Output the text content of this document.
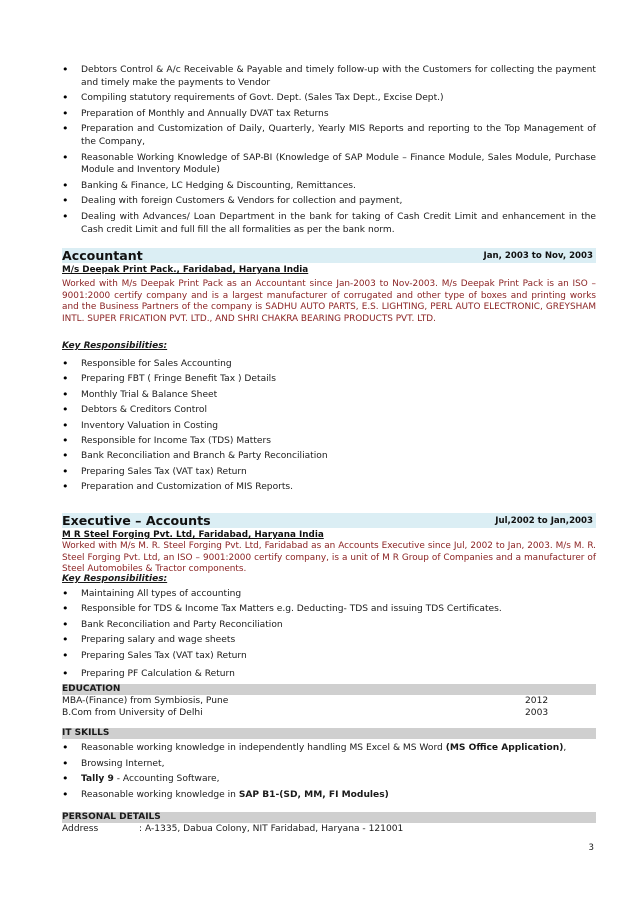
• Debtors Control & A/c Receivable & Payable and timely follow-up with the Customers for collecting the payment and timely make the payments to Vendor
• Compiling statutory requirements of Govt. Dept. (Sales Tax Dept., Excise Dept.)
• Preparation of Monthly and Annually DVAT tax Returns
• Preparation and Customization of Daily, Quarterly, Yearly MIS Reports and reporting to the Top Management of the Company,
• Reasonable Working Knowledge of SAP-BI (Knowledge of SAP Module – Finance Module, Sales Module, Purchase Module and Inventory Module)
• Banking & Finance, LC Hedging & Discounting, Remittances.
• Dealing with foreign Customers & Vendors for collection and payment,
• Dealing with Advances/ Loan Department in the bank for taking of Cash Credit Limit and enhancement in the Cash credit Limit and full fill the all formalities as per the bank norm.
Accountant	Jan, 2003 to Nov, 2003
M/s Deepak Print Pack., Faridabad, Haryana India
Worked with M/s Deepak Print Pack as an Accountant since Jan-2003 to Nov-2003. M/s Deepak Print Pack is an ISO – 9001:2000 certify company and is a largest manufacturer of corrugated and other type of boxes and printing works and the Business Partners of the company is SADHU AUTO PARTS, E.S. LIGHTING, PERL AUTO ELECTRONIC, GREYSHAM INTL. SUPER FRICATION PVT. LTD., AND SHRI CHAKRA BEARING PRODUCTS PVT. LTD.
Key Responsibilities:
• Responsible for Sales Accounting
• Preparing FBT ( Fringe Benefit Tax ) Details
• Monthly Trial & Balance Sheet
• Debtors & Creditors Control
• Inventory Valuation in Costing
• Responsible for Income Tax (TDS) Matters
• Bank Reconciliation and Branch & Party Reconciliation
• Preparing Sales Tax (VAT tax) Return
• Preparation and Customization of MIS Reports.
Executive – Accounts	Jul,2002 to Jan,2003
M R Steel Forging Pvt. Ltd, Faridabad, Haryana India
Worked with M/s M. R. Steel Forging Pvt. Ltd, Faridabad as an Accounts Executive since Jul, 2002 to Jan, 2003. M/s M. R. Steel Forging Pvt. Ltd, an ISO – 9001:2000 certify company, is a unit of M R Group of Companies and a manufacturer of Steel Automobiles & Tractor components.
Key Responsibilities:
• Maintaining All types of accounting
• Responsible for TDS & Income Tax Matters e.g. Deducting- TDS and issuing TDS Certificates.
• Bank Reconciliation and Party Reconciliation
• Preparing salary and wage sheets
• Preparing Sales Tax (VAT tax) Return
• Preparing PF Calculation & Return
EDUCATION
MBA-(Finance) from Symbiosis, Pune	2012
B.Com from University of Delhi	2003
IT SKILLS
• Reasonable working knowledge in independently handling MS Excel & MS Word (MS Office Application),
• Browsing Internet,
• Tally 9 - Accounting Software,
• Reasonable working knowledge in SAP B1-(SD, MM, FI Modules)
PERSONAL DETAILS
Address	: A-1335, Dabua Colony, NIT Faridabad, Haryana - 121001
3
